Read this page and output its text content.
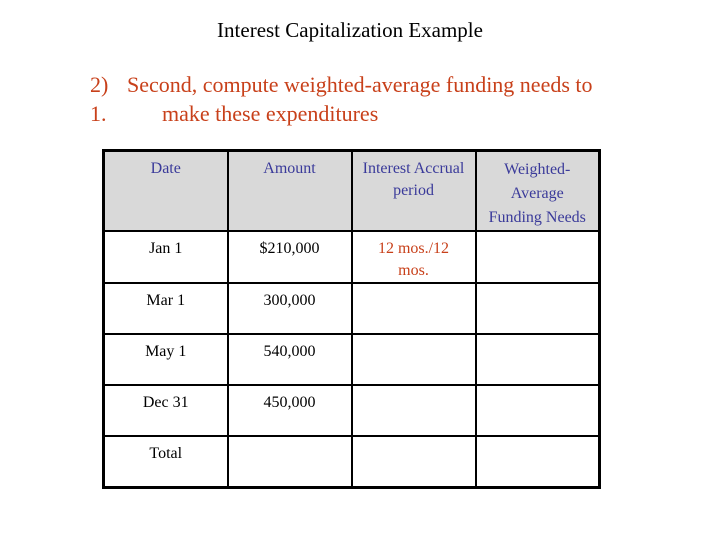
Interest Capitalization Example
2) Second, compute weighted-average funding needs to
1.	make these expenditures
Date	Amount	Interest Accrual period	Weighted-Average Funding Needs
Jan 1	$210,000	12 mos./12 mos.	
Mar 1	300,000		
May 1	540,000		
Dec 31	450,000		
Total			
